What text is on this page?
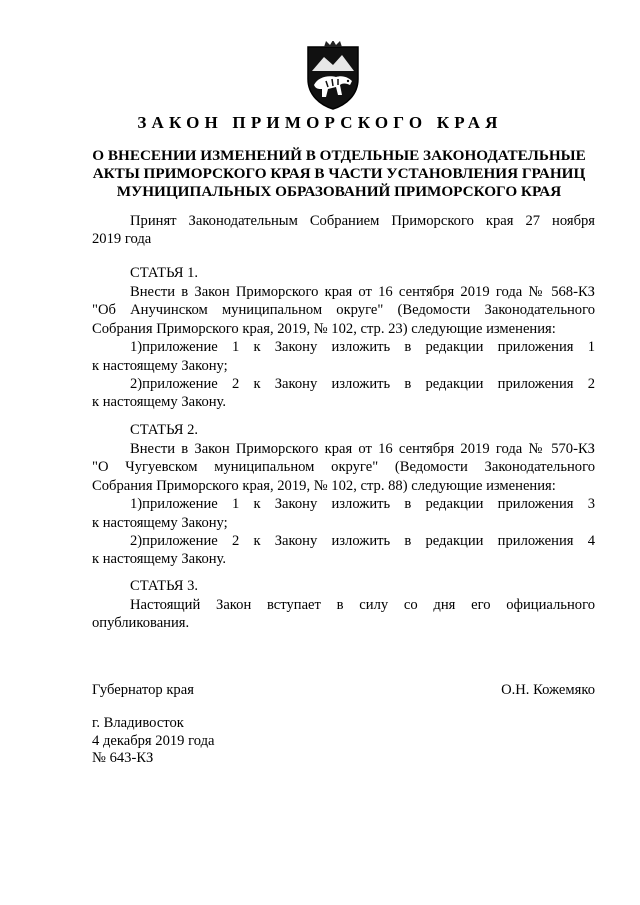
ЗАКОН ПРИМОРСКОГО КРАЯ
О ВНЕСЕНИИ ИЗМЕНЕНИЙ В ОТДЕЛЬНЫЕ ЗАКОНОДАТЕЛЬНЫЕ
АКТЫ ПРИМОРСКОГО КРАЯ В ЧАСТИ УСТАНОВЛЕНИЯ ГРАНИЦ
МУНИЦИПАЛЬНЫХ ОБРАЗОВАНИЙ ПРИМОРСКОГО КРАЯ
Принят Законодательным Собранием Приморского края 27 ноября
2019 года
СТАТЬЯ 1.
Внести в Закон Приморского края от 16 сентября 2019 года № 568-КЗ
"Об Анучинском муниципальном округе" (Ведомости Законодательного
Собрания Приморского края, 2019, № 102, стр. 23) следующие изменения:
1)приложение 1 к Закону изложить в редакции приложения 1
к настоящему Закону;
2)приложение 2 к Закону изложить в редакции приложения 2
к настоящему Закону.
СТАТЬЯ 2.
Внести в Закон Приморского края от 16 сентября 2019 года № 570-КЗ
"О Чугуевском муниципальном округе" (Ведомости Законодательного
Собрания Приморского края, 2019, № 102, стр. 88) следующие изменения:
1)приложение 1 к Закону изложить в редакции приложения 3
к настоящему Закону;
2)приложение 2 к Закону изложить в редакции приложения 4
к настоящему Закону.
СТАТЬЯ 3.
Настоящий Закон вступает в силу со дня его официального
опубликования.
Губернатор края	О.Н. Кожемяко
г. Владивосток
4 декабря 2019 года
№ 643-КЗ
